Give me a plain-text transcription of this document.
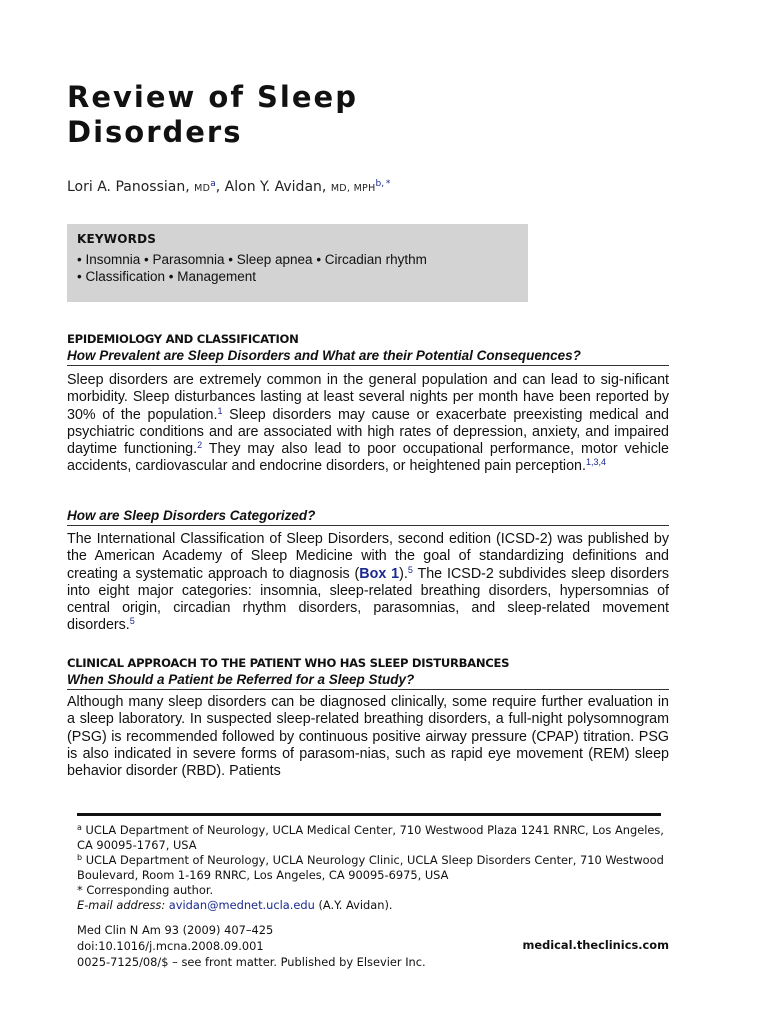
Review of Sleep
Disorders
Lori A. Panossian, $MD^a$, Alon Y. Avidan, MD, $MPH^{b, *}$
KEYWORDS
• Insomnia • Parasomnia • Sleep apnea • Circadian rhythm
• Classification • Management
EPIDEMIOLOGY AND CLASSIFICATION
How Prevalent are Sleep Disorders and What are their Potential Consequences?

Sleep disorders are extremely common in the general population and can lead to sig-nificant morbidity. Sleep disturbances lasting at least several nights per month have been reported by 30% of the population.$^1$ Sleep disorders may cause or exacerbate preexisting medical and psychiatric conditions and are associated with high rates of depression, anxiety, and impaired daytime functioning.$^2$ They may also lead to poor occupational performance, motor vehicle accidents, cardiovascular and endocrine disorders, or heightened pain perception.$^{1,3,4}$

How are Sleep Disorders Categorized?

The International Classification of Sleep Disorders, second edition (ICSD-2) was published by the American Academy of Sleep Medicine with the goal of standardizing definitions and creating a systematic approach to diagnosis (Box 1).$^5$ The ICSD-2 subdivides sleep disorders into eight major categories: insomnia, sleep-related breathing disorders, hypersomnias of central origin, circadian rhythm disorders, parasomnias, and sleep-related movement disorders.$^5$

CLINICAL APPROACH TO THE PATIENT WHO HAS SLEEP DISTURBANCES
When Should a Patient be Referred for a Sleep Study?

Although many sleep disorders can be diagnosed clinically, some require further evaluation in a sleep laboratory. In suspected sleep-related breathing disorders, a full-night polysomnogram (PSG) is recommended followed by continuous positive airway pressure (CPAP) titration. PSG is also indicated in severe forms of parasom-nias, such as rapid eye movement (REM) sleep behavior disorder (RBD). Patients

$^a$ UCLA Department of Neurology, UCLA Medical Center, 710 Westwood Plaza 1241 RNRC, Los Angeles, CA 90095-1767, USA

$^b$ UCLA Department of Neurology, UCLA Neurology Clinic, UCLA Sleep Disorders Center, 710 Westwood Boulevard, Room 1-169 RNRC, Los Angeles, CA 90095-6975, USA

* Corresponding author.

E-mail address: avidan@mednet.ucla.edu (A.Y. Avidan).

Med Clin N Am 93 (2009) 407–425
doi:10.1016/j.mcna.2008.09.001
0025-7125/08/$ – see front matter. Published by Elsevier Inc.
medical.theclinics.com
